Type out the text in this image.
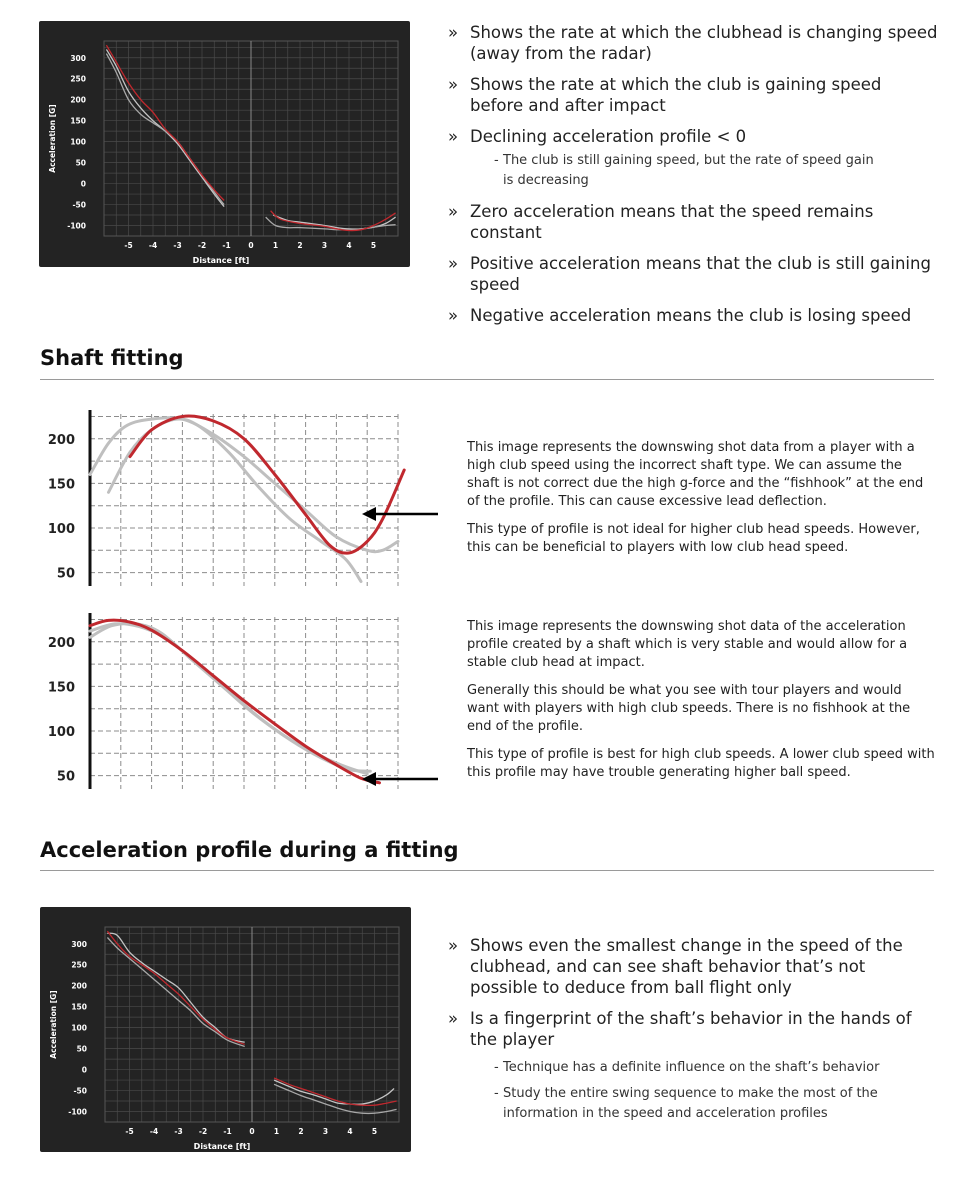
300
250
200
150
100
50
0
-50
-100
-5 -4 -3 -2 -1 0	1	2	3	4	5
Distance [ft]
Acceleration [G]
» Shows the rate at which the clubhead is changing speed (away from the radar)
» Shows the rate at which the club is gaining speed before and after impact
» Declining acceleration profile < 0
- The club is still gaining speed, but the rate of speed gain is decreasing
» Zero acceleration means that the speed remains constant
» Positive acceleration means that the club is still gaining speed
» Negative acceleration means the club is losing speed
Shaft fitting
200
150
100
50

This image represents the downswing shot data from a player with a high club speed using the incorrect shaft type. We can assume the shaft is not correct due the high g-force and the “fishhook” at the end of the profile. This can cause excessive lead deflection.

This type of profile is not ideal for higher club head speeds. However, this can be beneficial to players with low club head speed.

200
150
100
50

This image represents the downswing shot data of the acceleration profile created by a shaft which is very stable and would allow for a stable club head at impact.

Generally this should be what you see with tour players and would want with players with high club speeds. There is no fishhook at the end of the profile.

This type of profile is best for high club speeds. A lower club speed with this profile may have trouble generating higher ball speed.

Acceleration profile during a fitting
300
250
200
150
100
50
0
-50
-100
-5 -4 -3 -2 -1 0	1	2	3	4	5
Distance [ft]
Acceleration [G]
» Shows even the smallest change in the speed of the clubhead, and can see shaft behavior that’s not possible to deduce from ball flight only
» Is a fingerprint of the shaft’s behavior in the hands of the player
- Technique has a definite influence on the shaft’s behavior
- Study the entire swing sequence to make the most of the information in the speed and acceleration profiles
